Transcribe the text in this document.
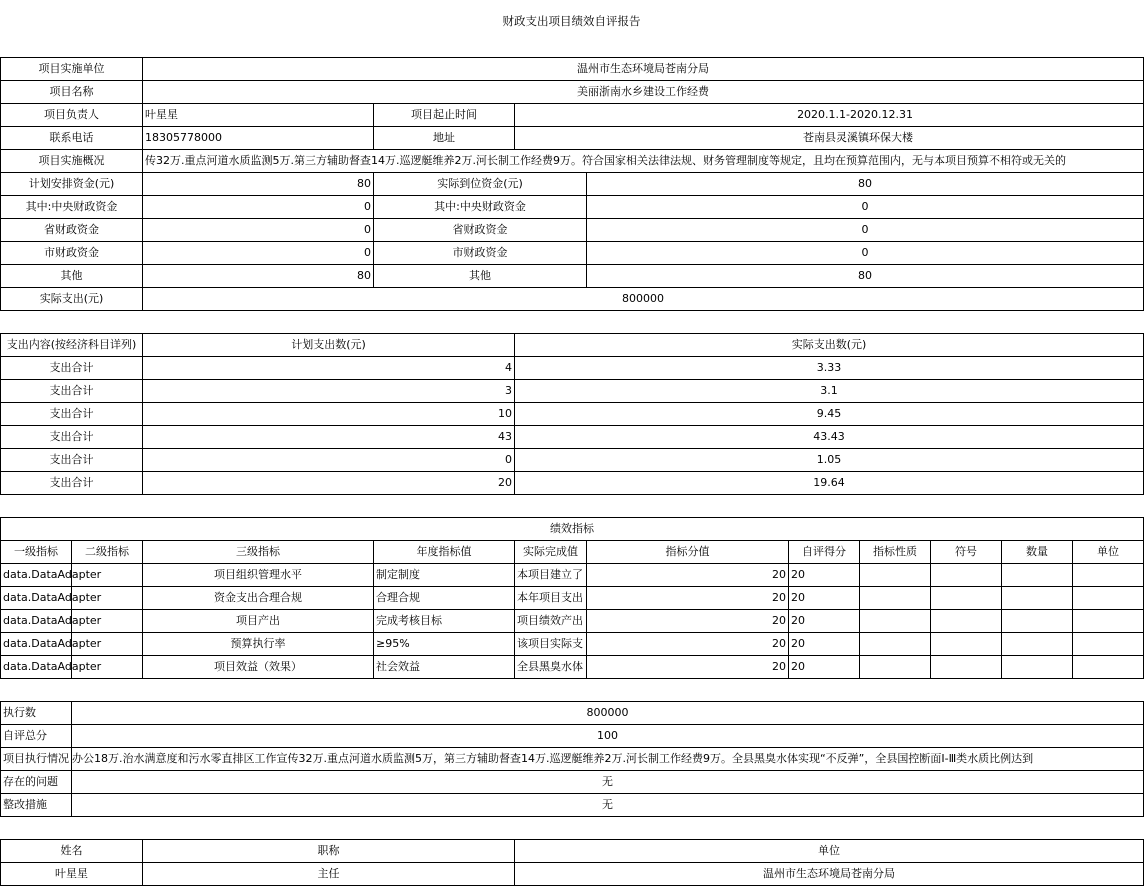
财政支出项目绩效自评报告
项目实施单位	温州市生态环境局苍南分局			
项目名称	美丽浙南水乡建设工作经费			
项目负责人	叶星星	项目起止时间	2020.1.1-2020.12.31	
联系电话	18305778000	地址	苍南县灵溪镇环保大楼	
项目实施概况	传32万.重点河道水质监测5万.第三方辅助督查14万.巡逻艇维养2万.河长制工作经费9万。符合国家相关法律法规、财务管理制度等规定，且均在预算范围内，无与本项目预算不相符或无关的			
计划安排资金(元)	80	实际到位资金(元)		80
其中:中央财政资金	0	其中:中央财政资金		0
省财政资金	0	省财政资金		0
市财政资金	0	市财政资金		0
其他	80	其他		80
实际支出(元)	800000			
支出内容(按经济科目详列)	计划支出数(元)	实际支出数(元)
支出合计	4	3.33
支出合计	3	3.1
支出合计	10	9.45
支出合计	43	43.43
支出合计	0	1.05
支出合计	20	19.64
绩效指标										
一级指标	二级指标	三级指标	年度指标值	实际完成值	指标分值	自评得分	指标性质	符号	数量	单位
data.DataAdapter		项目组织管理水平	制定制度	本项目建立了	20	20				
data.DataAdapter		资金支出合理合规	合理合规	本年项目支出	20	20				
data.DataAdapter		项目产出	完成考核目标	项目绩效产出	20	20				
data.DataAdapter		预算执行率	≥95%	该项目实际支	20	20				
data.DataAdapter		项目效益（效果）	社会效益	全县黑臭水体	20	20				
执行数	800000
自评总分	100
项目执行情况	办公18万.治水满意度和污水零直排区工作宣传32万.重点河道水质监测5万，第三方辅助督查14万.巡逻艇维养2万.河长制工作经费9万。全县黑臭水体实现“不反弹”，全县国控断面Ⅰ-Ⅲ类水质比例达到
存在的问题	无
整改措施	无
姓名	职称	单位
叶星星	主任	温州市生态环境局苍南分局
